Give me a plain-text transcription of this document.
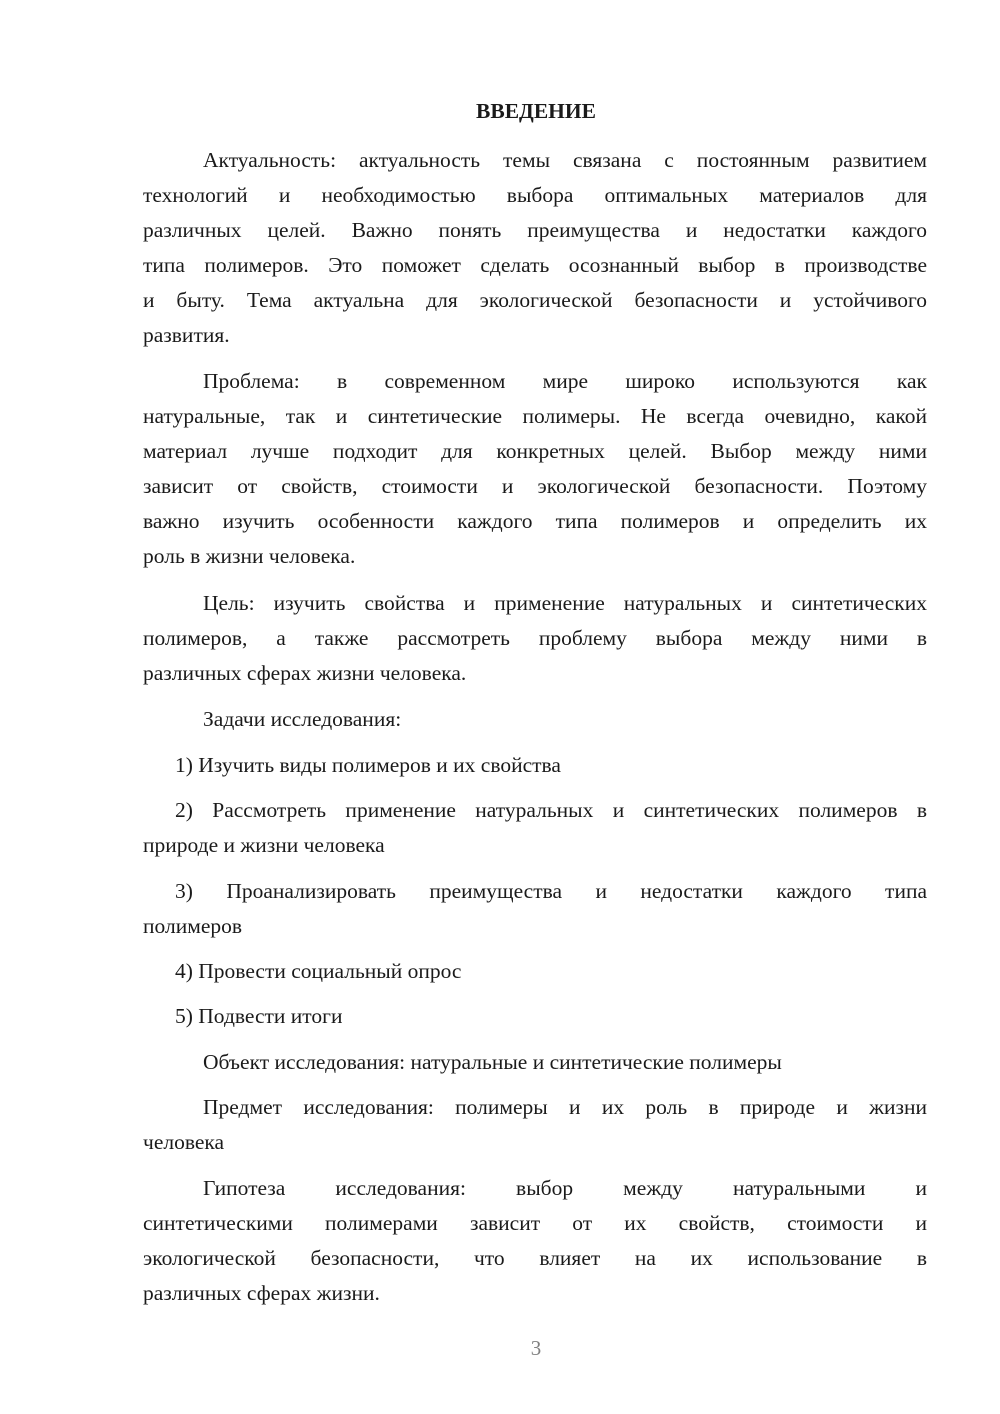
ВВЕДЕНИЕ
Актуальность: актуальность темы связана с постоянным развитием
технологий и необходимостью выбора оптимальных материалов для
различных целей. Важно понять преимущества и недостатки каждого
типа полимеров. Это поможет сделать осознанный выбор в производстве
и быту. Тема актуальна для экологической безопасности и устойчивого
развития.
Проблема: в современном мире широко используются как
натуральные, так и синтетические полимеры. Не всегда очевидно, какой
материал лучше подходит для конкретных целей. Выбор между ними
зависит от свойств, стоимости и экологической безопасности. Поэтому
важно изучить особенности каждого типа полимеров и определить их
роль в жизни человека.
Цель: изучить свойства и применение натуральных и синтетических
полимеров, а также рассмотреть проблему выбора между ними в
различных сферах жизни человека.
Задачи исследования:
1) Изучить виды полимеров и их свойства
2) Рассмотреть применение натуральных и синтетических полимеров в
природе и жизни человека
3) Проанализировать преимущества и недостатки каждого типа
полимеров
4) Провести социальный опрос
5) Подвести итоги
Объект исследования: натуральные и синтетические полимеры
Предмет исследования: полимеры и их роль в природе и жизни
человека
Гипотеза исследования: выбор между натуральными и
синтетическими полимерами зависит от их свойств, стоимости и
экологической безопасности, что влияет на их использование в
различных сферах жизни.
3
